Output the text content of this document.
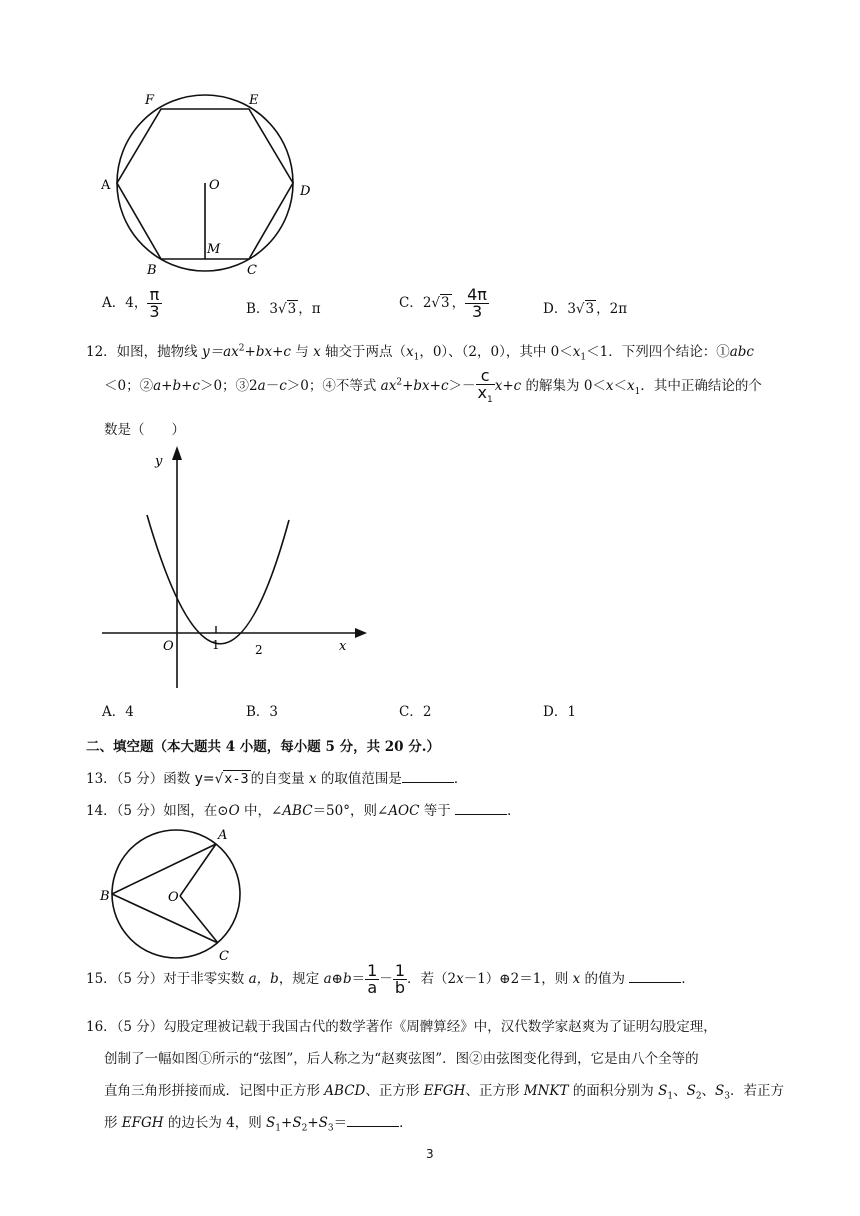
F	E
A	D
O
M
B	C
A．4， $\frac{\pi}{3}$	B．3√3 ，π	C．2√3 ， $\frac{4\pi}{3}$	D．3√3 ，2π
12．如图，抛物线 $y=ax^2+bx+c$ 与 x 轴交于两点（$x_1$，0）、（2，0），其中 $0<x_1<1$．下列四个结论：①abc
＜0；②a+b+c＞0；③2a－c＞0；④不等式 $ax^2+bx+c>- \frac{c}{x_1} x+c$ 的解集为 $0<x<x_1$．其中正确结论的个
数是（　　）
y
x
O	1	2
A．4	B．3	C．2	D．1
二、填空题（本大题共 4 小题，每小题 5 分，共 20 分.）
13．（5 分）函数 y=√x-3 的自变量 x 的取值范围是	．
14．（5 分）如图，在⊙O 中，∠ABC＝50°，则∠AOC 等于	．
A
B	O
C
15．（5 分）对于非零实数 a，b，规定 a⊕b＝ $\frac{1}{a} - \frac{1}{b}$ ．若（2x－1）⊕2＝1，则 x 的值为	．
16．（5 分）勾股定理被记载于我国古代的数学著作《周髀算经》中，汉代数学家赵爽为了证明勾股定理，
创制了一幅如图①所示的“弦图”，后人称之为“赵爽弦图”．图②由弦图变化得到，它是由八个全等的
直角三角形拼接而成．记图中正方形 ABCD、正方形 EFGH、正方形 MNKT 的面积分别为 $S_1$、$S_2$、$S_3$．若正方
形 EFGH 的边长为 4，则 $S_1+S_2+S_3=$	．
3
